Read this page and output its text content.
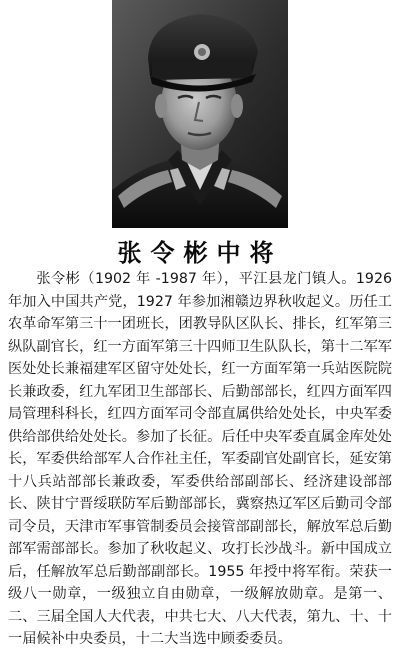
张令彬中将

张令彬（1902 年 -1987 年），平江县龙门镇人。1926 年加入中国共产党，1927 年参加湘赣边界秋收起义。历任工农革命军第三十一团班长，团教导队区队长、排长，红军第三纵队副官长，红一方面军第三十四师卫生队队长，第十二军军医处处长兼福建军区留守处处长，红一方面军第一兵站医院院长兼政委，红九军团卫生部部长、后勤部部长，红四方面军四局管理科科长，红四方面军司令部直属供给处处长，中央军委供给部供给处处长。参加了长征。后任中央军委直属金库处处长，军委供给部军人合作社主任，军委副官处副官长，延安第十八兵站部部长兼政委，军委供给部副部长、经济建设部部长、陕甘宁晋绥联防军后勤部部长，冀察热辽军区后勤司令部司令员，天津市军事管制委员会接管部副部长，解放军总后勤部军需部部长。参加了秋收起义、攻打长沙战斗。新中国成立后，任解放军总后勤部副部长。1955 年授中将军衔。荣获一级八一勋章，一级独立自由勋章，一级解放勋章。是第一、二、三届全国人大代表，中共七大、八大代表，第九、十、十一届候补中央委员，十二大当选中顾委委员。
